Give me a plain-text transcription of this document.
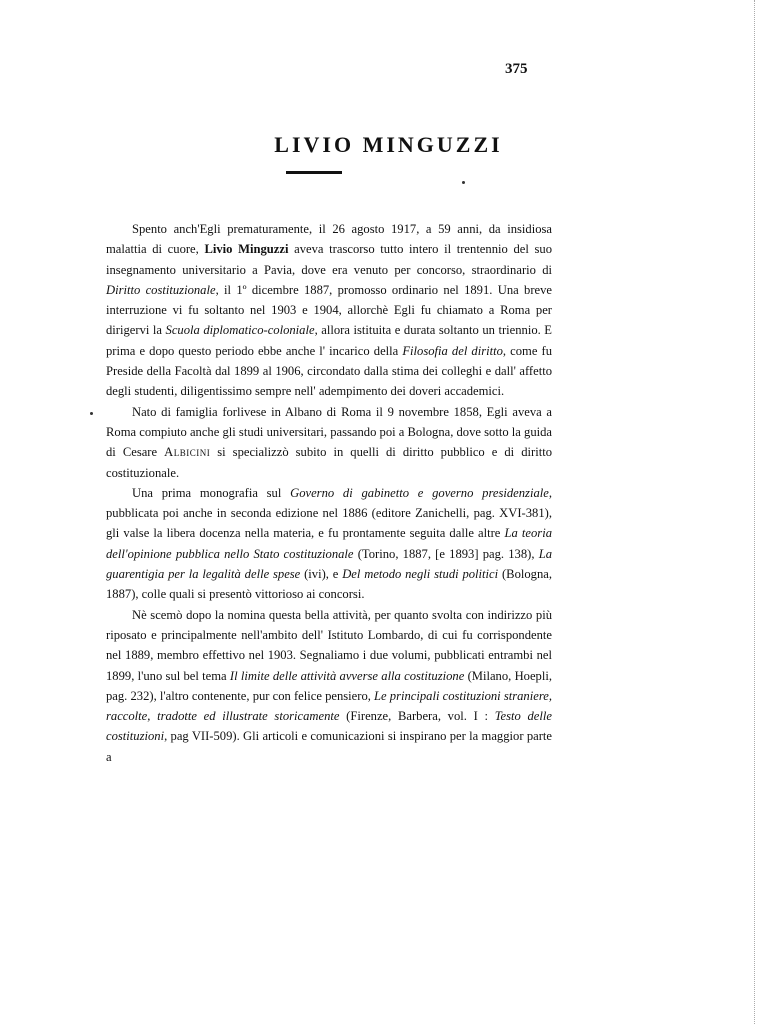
375
LIVIO MINGUZZI

Spento anch'Egli prematuramente, il 26 agosto 1917, a 59 anni, da insidiosa malattia di cuore, Livio Minguzzi aveva trascorso tutto intero il trentennio del suo insegnamento universitario a Pavia, dove era venuto per concorso, straordinario di Diritto costituzionale, il 1º dicembre 1887, promosso ordinario nel 1891. Una breve interruzione vi fu soltanto nel 1903 e 1904, allorchè Egli fu chiamato a Roma per dirigervi la Scuola diplomatico-coloniale, allora istituita e durata soltanto un triennio. E prima e dopo questo periodo ebbe anche l' incarico della Filosofia del diritto, come fu Preside della Facoltà dal 1899 al 1906, circondato dalla stima dei colleghi e dall' affetto degli studenti, diligentissimo sempre nell' adempimento dei doveri accademici.

Nato di famiglia forlivese in Albano di Roma il 9 novembre 1858, Egli aveva a Roma compiuto anche gli studi universitari, passando poi a Bologna, dove sotto la guida di Cesare Albicini si specializzò subito in quelli di diritto pubblico e di diritto costituzionale.

Una prima monografia sul Governo di gabinetto e governo presidenziale, pubblicata poi anche in seconda edizione nel 1886 (editore Zanichelli, pag. XVI-381), gli valse la libera docenza nella materia, e fu prontamente seguita dalle altre La teoria dell'opinione pubblica nello Stato costituzionale (Torino, 1887, [e 1893] pag. 138), La guarentigia per la legalità delle spese (ivi), e Del metodo negli studi politici (Bologna, 1887), colle quali si presentò vittorioso ai concorsi.

Nè scemò dopo la nomina questa bella attività, per quanto svolta con indirizzo più riposato e principalmente nell'ambito dell' Istituto Lombardo, di cui fu corrispondente nel 1889, membro effettivo nel 1903. Segnaliamo i due volumi, pubblicati entrambi nel 1899, l'uno sul bel tema Il limite delle attività avverse alla costituzione (Milano, Hoepli, pag. 232), l'altro contenente, pur con felice pensiero, Le principali costituzioni straniere, raccolte, tradotte ed illustrate storicamente (Firenze, Barbera, vol. I : Testo delle costituzioni, pag VII-509). Gli articoli e comunicazioni si inspirano per la maggior parte a
